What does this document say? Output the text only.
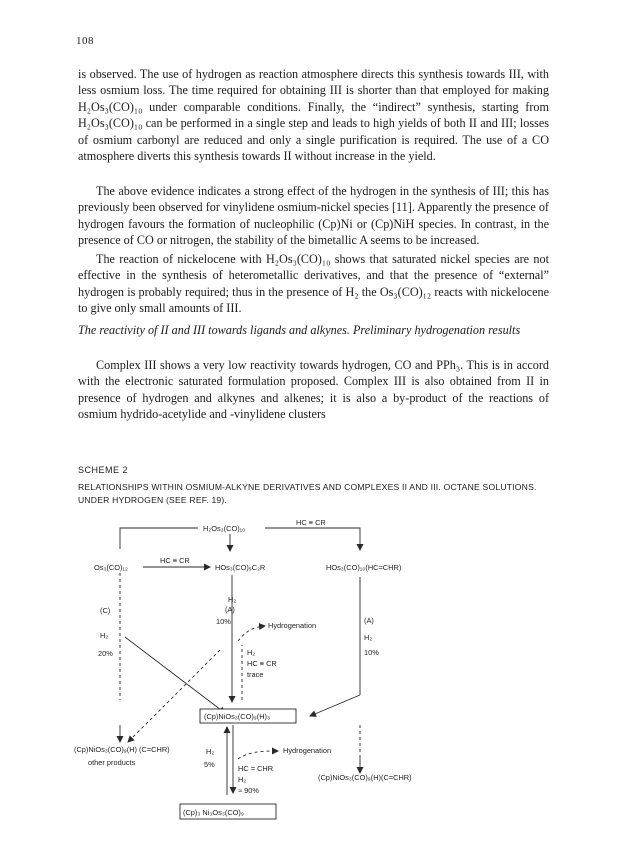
108

is observed. The use of hydrogen as reaction atmosphere directs this synthesis towards III, with less osmium loss. The time required for obtaining III is shorter than that employed for making H₂Os₃(CO)₁₀ under comparable conditions. Finally, the “indirect” synthesis, starting from H₂Os₃(CO)₁₀ can be performed in a single step and leads to high yields of both II and III; losses of osmium carbonyl are reduced and only a single purification is required. The use of a CO atmosphere diverts this synthesis towards II without increase in the yield.

The above evidence indicates a strong effect of the hydrogen in the synthesis of III; this has previously been observed for vinylidene osmium-nickel species [11]. Apparently the presence of hydrogen favours the formation of nucleophilic (Cp)Ni or (Cp)NiH species. In contrast, in the presence of CO or nitrogen, the stability of the bimetallic A seems to be increased.

The reaction of nickelocene with H₂Os₃(CO)₁₀ shows that saturated nickel species are not effective in the synthesis of heterometallic derivatives, and that the presence of “external” hydrogen is probably required; thus in the presence of H₂ the Os₃(CO)₁₂ reacts with nickelocene to give only small amounts of III.

The reactivity of II and III towards ligands and alkynes. Preliminary hydrogenation results

Complex III shows a very low reactivity towards hydrogen, CO and PPh₃. This is in accord with the electronic saturated formulation proposed. Complex III is also obtained from II in presence of hydrogen and alkynes and alkenes; it is also a by-product of the reactions of osmium hydrido-acetylide and -vinylidene clusters

SCHEME 2

RELATIONSHIPS WITHIN OSMIUM-ALKYNE DERIVATIVES AND COMPLEXES II AND III. OCTANE SOLUTIONS. UNDER HYDROGEN (SEE REF. 19).

H₂Os₃(CO)₁₀
HC ≡ CR
Os₃(CO)₁₂
HC ≡ CR
HOs₃(CO)₉C₂R	HOs₃(CO)₁₀(HC=CHR)
H₂
(A)
10%	Hydrogenation
H₂
HC ≡ CR
trace
(C)
H₂
20%
(A)
H₂
10%
(Cp)NiOs₃(CO)₉(H)₃
(Cp)NiOs₃(CO)₉(H) (C=CHR)
other products
H₂
5%	HC = CHR
H₂
≈ 90%
Hydrogenation
(Cp)NiOs₃(CO)₉(H)(C=CHR)
(Cp)₃ Ni₃Os₃(CO)₉
